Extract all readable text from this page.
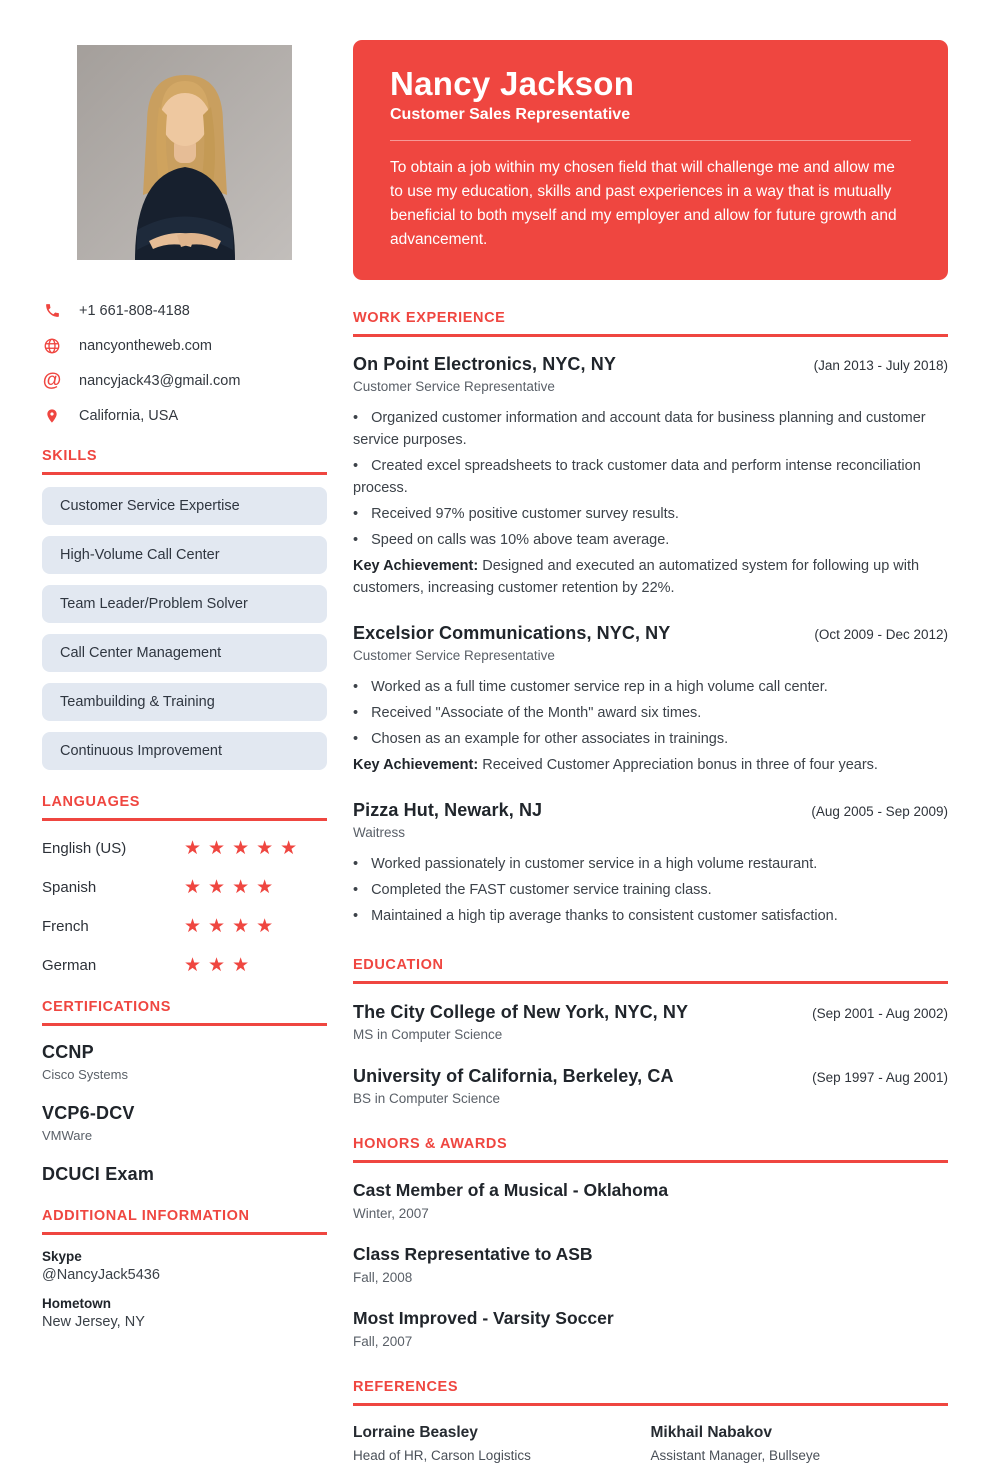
+1 661-808-4188
nancyontheweb.com
@ nancyjack43@gmail.com
California, USA
SKILLS
Customer Service Expertise
High-Volume Call Center
Team Leader/Problem Solver
Call Center Management
Teambuilding & Training
Continuous Improvement
LANGUAGES
English (US)	★★★★★
Spanish	★★★★
French	★★★★
German	★★★
CERTIFICATIONS
CCNP
Cisco Systems
VCP6-DCV
VMWare
DCUCI Exam
ADDITIONAL INFORMATION
Skype
@NancyJack5436
Hometown
New Jersey, NY
Nancy Jackson
Customer Sales Representative
To obtain a job within my chosen field that will challenge me and allow me to use my education, skills and past experiences in a way that is mutually beneficial to both myself and my employer and allow for future growth and advancement.
WORK EXPERIENCE
On Point Electronics, NYC, NY	(Jan 2013 - July 2018)
Customer Service Representative

• Organized customer information and account data for business planning and customer service purposes.

• Created excel spreadsheets to track customer data and perform intense reconciliation process.

• Received 97% positive customer survey results.

• Speed on calls was 10% above team average.

Key Achievement: Designed and executed an automatized system for following up with customers, increasing customer retention by 22%.

Excelsior Communications, NYC, NY	(Oct 2009 - Dec 2012)
Customer Service Representative

• Worked as a full time customer service rep in a high volume call center.

• Received "Associate of the Month" award six times.

• Chosen as an example for other associates in trainings.

Key Achievement: Received Customer Appreciation bonus in three of four years.

Pizza Hut, Newark, NJ	(Aug 2005 - Sep 2009)
Waitress

• Worked passionately in customer service in a high volume restaurant.

• Completed the FAST customer service training class.

• Maintained a high tip average thanks to consistent customer satisfaction.

EDUCATION
The City College of New York, NYC, NY	(Sep 2001 - Aug 2002)
MS in Computer Science
University of California, Berkeley, CA	(Sep 1997 - Aug 2001)
BS in Computer Science
HONORS & AWARDS
Cast Member of a Musical - Oklahoma
Winter, 2007
Class Representative to ASB
Fall, 2008
Most Improved - Varsity Soccer
Fall, 2007
REFERENCES
Lorraine Beasley
Head of HR, Carson Logistics
Mikhail Nabakov
Assistant Manager, Bullseye
